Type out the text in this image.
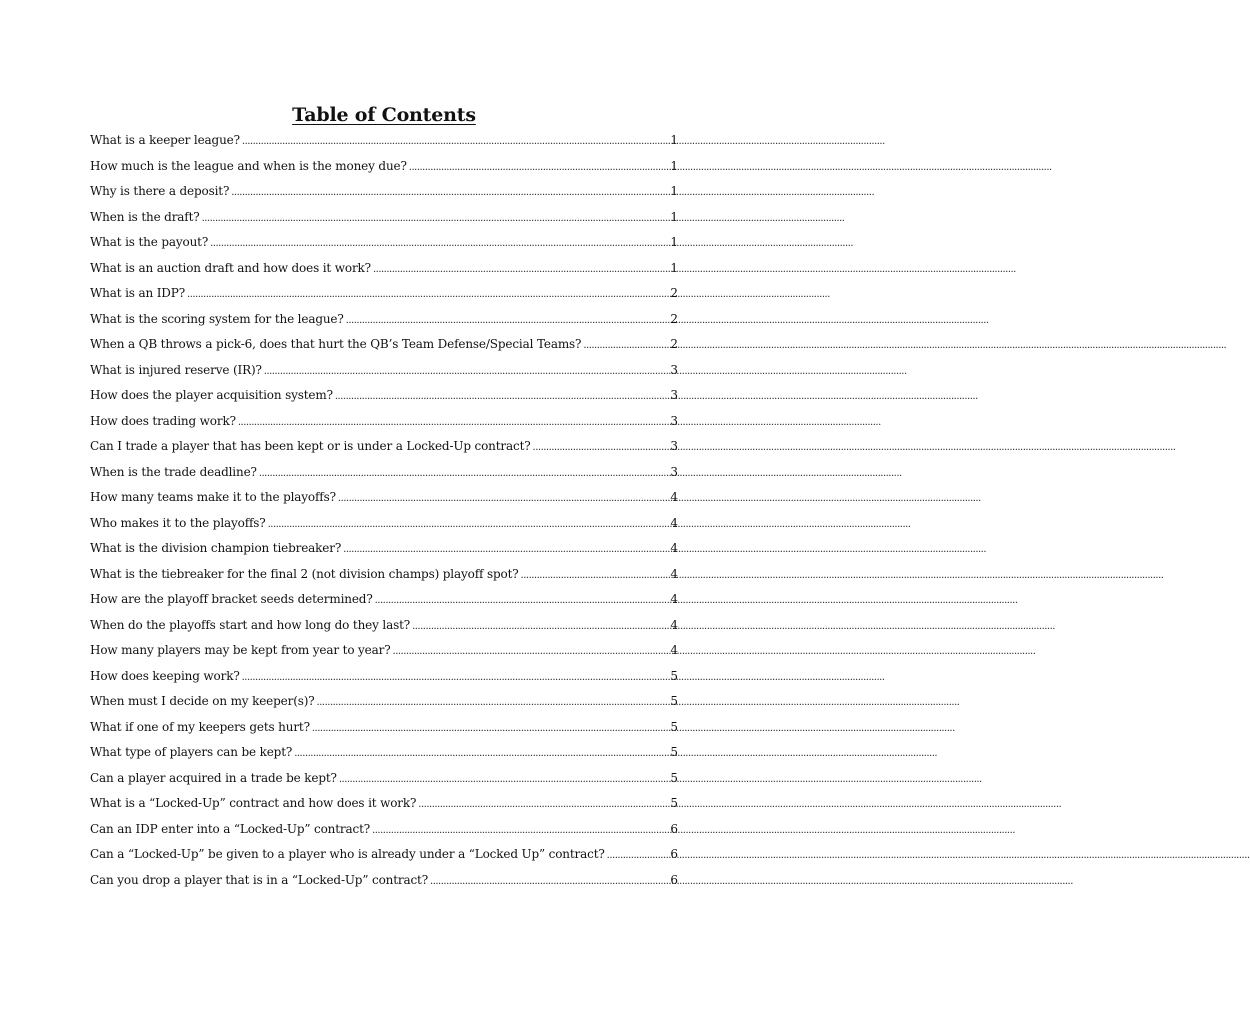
Table of Contents
What is a keeper league? .....	1
How much is the league and when is the money due? .....	1
Why is there a deposit? .....	1
When is the draft? .....	1
What is the payout? .....	1
What is an auction draft and how does it work? .....	1
What is an IDP? .....	2
What is the scoring system for the league? .....	2
When a QB throws a pick-6, does that hurt the QB’s Team Defense/Special Teams? .....	2
What is injured reserve (IR)? .....	3
How does the player acquisition system? .....	3
How does trading work? .....	3
Can I trade a player that has been kept or is under a Locked-Up contract? .....	3
When is the trade deadline? .....	3
How many teams make it to the playoffs? .....	4
Who makes it to the playoffs? .....	4
What is the division champion tiebreaker? .....	4
What is the tiebreaker for the final 2 (not division champs) playoff spot? .....	4
How are the playoff bracket seeds determined? .....	4
When do the playoffs start and how long do they last? .....	4
How many players may be kept from year to year? .....	4
How does keeping work? .....	5
When must I decide on my keeper(s)? .....	5
What if one of my keepers gets hurt? .....	5
What type of players can be kept? .....	5
Can a player acquired in a trade be kept? .....	5
What is a “Locked-Up” contract and how does it work? .....	5
Can an IDP enter into a “Locked-Up” contract? .....	6
Can a “Locked-Up” be given to a player who is already under a “Locked Up” contract? .....	6
Can you drop a player that is in a “Locked-Up” contract? .....	6
